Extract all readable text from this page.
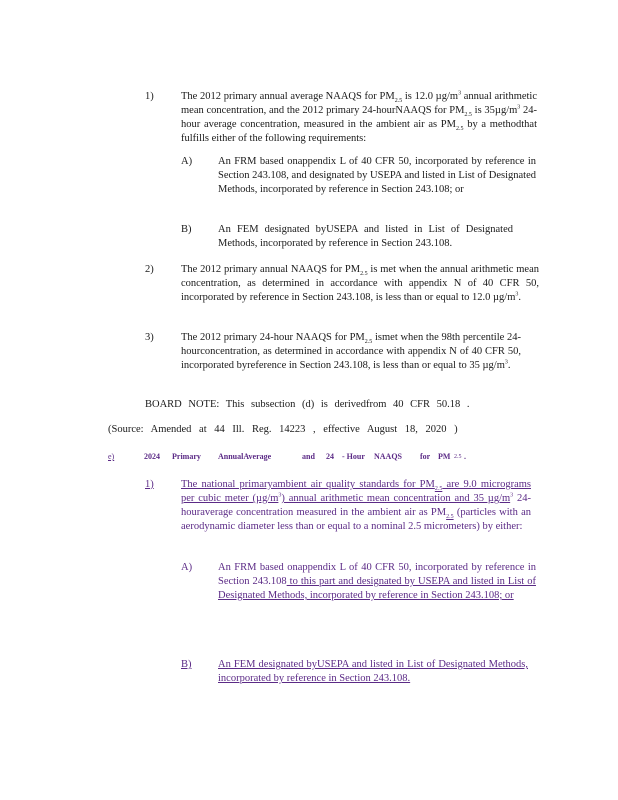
1)	The 2012 primary annual average NAAQS for $PM_{2.5}$ is 12.0 $\mu g/m^3$ annual arithmetic mean concentration, and the 2012 primary 24-hourNAAQS for $PM_{2.5}$ is $35\mu g/m^3$ 24-hour average concentration, measured in the ambient air as $PM_{2.5}$ by a methodthat fulfills either of the following requirements:
A) An FRM based onappendix L of 40 CFR 50, incorporated by reference in Section 243.108, and designated by USEPA and listed in List of Designated Methods, incorporated by reference in Section 243.108; or
B)	An FEM designated byUSEPA and listed in List of Designated Methods, incorporated by reference in Section 243.108.
2)	The 2012 primary annual NAAQS for $PM_{2.5}$ is met when the annual arithmetic mean concentration, as determined in accordance with appendix N of 40 CFR 50, incorporated by reference in Section 243.108, is less than or equal to 12.0 $\mu g/m^3$.
3)	The 2012 primary 24-hour NAAQS for $PM_{2.5}$ ismet when the 98th percentile 24-hourconcentration, as determined in accordance with appendix N of 40 CFR 50, incorporated byreference in Section 243.108, is less than or equal to 35 $\mu g/m^3$.
BOARD NOTE: This subsection (d) is derivedfrom 40 CFR 50.18 .
(Source: Amended at 44 Ill. Reg. 14223 , effective August 18, 2020 )
e)	2024 Primary AnnualAverage	and 24 - Hour NAAQS for PM 2.5 .
1)	The national primaryambient air quality standards for $PM_{2.5}$ are 9.0 micrograms per cubic meter $(\mu g/m^3)$ annual arithmetic mean concentration and 35 $\mu g/m^3$ 24-houraverage concentration measured in the ambient air as $PM_{2.5}$ (particles with an aerodynamic diameter less than or equal to a nominal 2.5 micrometers) by either:
A) An FRM based onappendix L of 40 CFR 50, incorporated by reference in Section 243.108 to this part and designated by USEPA and listed in List of Designated Methods, incorporated by reference in Section 243.108; or
B)	An FEM designated byUSEPA and listed in List of Designated Methods, incorporated by reference in Section 243.108.
